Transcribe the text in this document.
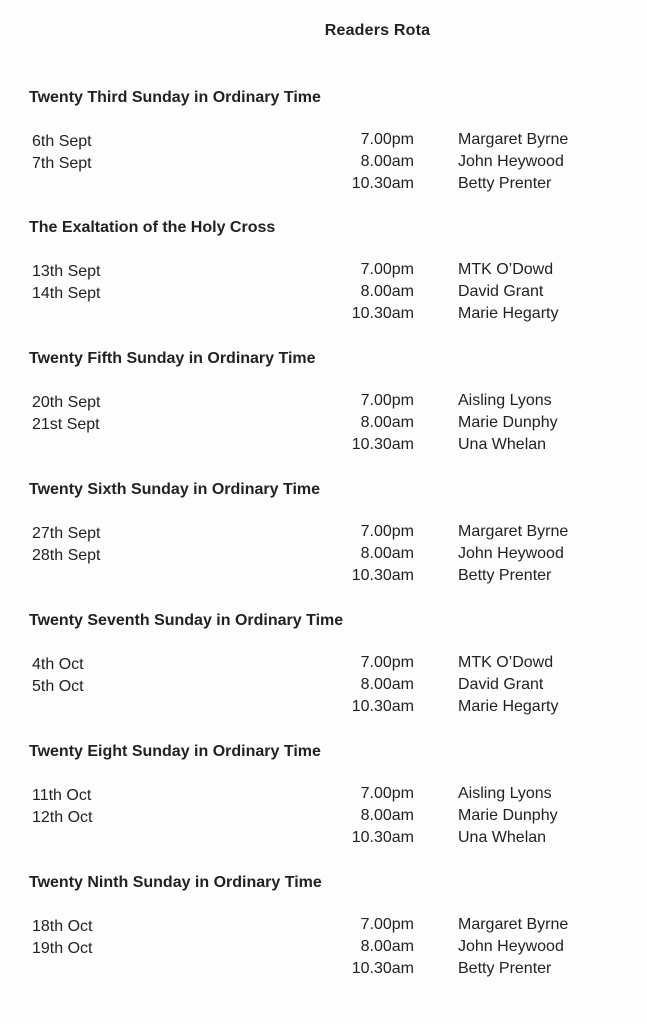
Readers Rota
Twenty Third Sunday in Ordinary Time
6th Sept	7.00pm	Margaret Byrne
7th Sept	8.00am	John Heywood
10.30am	Betty Prenter
The Exaltation of the Holy Cross
13th Sept	7.00pm	MTK O’Dowd
14th Sept	8.00am	David Grant
10.30am	Marie Hegarty
Twenty Fifth Sunday in Ordinary Time
20th Sept	7.00pm	Aisling Lyons
21st Sept	8.00am	Marie Dunphy
10.30am	Una Whelan
Twenty Sixth Sunday in Ordinary Time
27th Sept	7.00pm	Margaret Byrne
28th Sept	8.00am	John Heywood
10.30am	Betty Prenter
Twenty Seventh Sunday in Ordinary Time
4th Oct	7.00pm	MTK O’Dowd
5th Oct	8.00am	David Grant
10.30am	Marie Hegarty
Twenty Eight Sunday in Ordinary Time
11th Oct	7.00pm	Aisling Lyons
12th Oct	8.00am	Marie Dunphy
10.30am	Una Whelan
Twenty Ninth Sunday in Ordinary Time
18th Oct	7.00pm	Margaret Byrne
19th Oct	8.00am	John Heywood
10.30am	Betty Prenter
